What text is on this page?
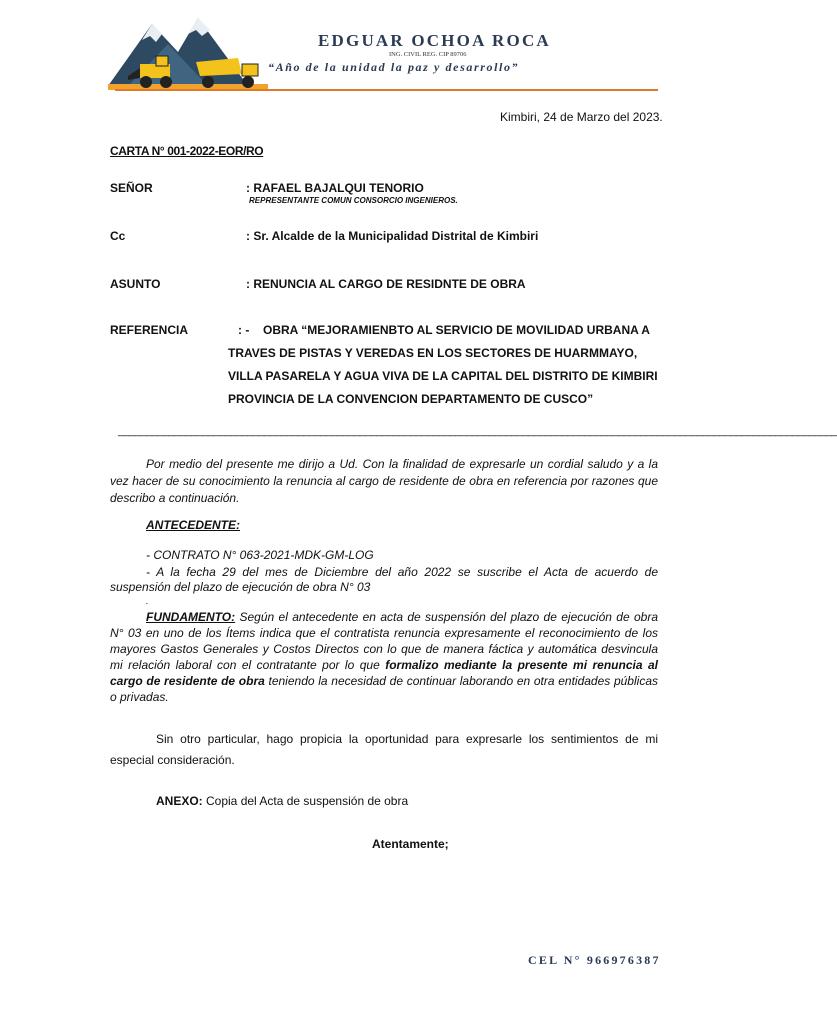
EDGUAR OCHOA ROCA
ING. CIVIL REG. CIP 89706
“Año de la unidad la paz y desarrollo”
Kimbiri, 24 de Marzo del 2023.
CARTA N° 001-2022-EOR/RO
SEÑOR	: RAFAEL BAJALQUI TENORIO
REPRESENTANTE COMUN CONSORCIO INGENIEROS.
Cc	: Sr. Alcalde de la Municipalidad Distrital de Kimbiri
ASUNTO	: RENUNCIA AL CARGO DE RESIDNTE DE OBRA
REFERENCIA	: - OBRA “MEJORAMIENBTO AL SERVICIO DE MOVILIDAD URBANA A
TRAVES DE PISTAS Y VEREDAS EN LOS SECTORES DE HUARMMAYO,
VILLA PASARELA Y AGUA VIVA DE LA CAPITAL DEL DISTRITO DE KIMBIRI
PROVINCIA DE LA CONVENCION DEPARTAMENTO DE CUSCO”
________________________________________________________________________________________________________________________________
Por medio del presente me dirijo a Ud. Con la finalidad de expresarle un cordial saludo y a la vez hacer de su conocimiento la renuncia al cargo de residente de obra en referencia por razones que describo a continuación.
ANTECEDENTE:
- CONTRATO N° 063-2021-MDK-GM-LOG
- A la fecha 29 del mes de Diciembre del año 2022 se suscribe el Acta de acuerdo de suspensión del plazo de ejecución de obra N° 03
.
FUNDAMENTO: Según el antecedente en acta de suspensión del plazo de ejecución de obra N° 03 en uno de los Ítems indica que el contratista renuncia expresamente el reconocimiento de los mayores Gastos Generales y Costos Directos con lo que de manera fáctica y automática desvincula mi relación laboral con el contratante por lo que formalizo mediante la presente mi renuncia al cargo de residente de obra teniendo la necesidad de continuar laborando en otra entidades públicas o privadas.
Sin otro particular, hago propicia la oportunidad para expresarle los sentimientos de mi especial consideración.
ANEXO: Copia del Acta de suspensión de obra
Atentamente;
CEL N° 966976387
